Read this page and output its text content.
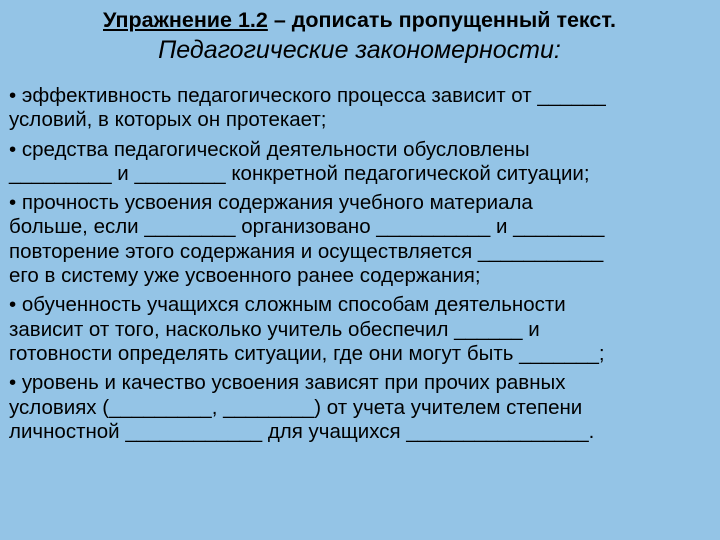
Упражнение 1.2 – дописать пропущенный текст.

Педагогические закономерности:

• эффективность педагогического процесса зависит от ______
условий, в которых он протекает;
• средства педагогической деятельности обусловлены
_________ и ________ конкретной педагогической ситуации;
• прочность усвоения содержания учебного материала
больше, если ________ организовано __________ и ________
повторение этого содержания и осуществляется ___________
его в систему уже усвоенного ранее содержания;
• обученность учащихся сложным способам деятельности
зависит от того, насколько учитель обеспечил ______ и
готовности определять ситуации, где они могут быть _______;
• уровень и качество усвоения зависят при прочих равных
условиях (_________, ________) от учета учителем степени
личностной ____________ для учащихся ________________.
